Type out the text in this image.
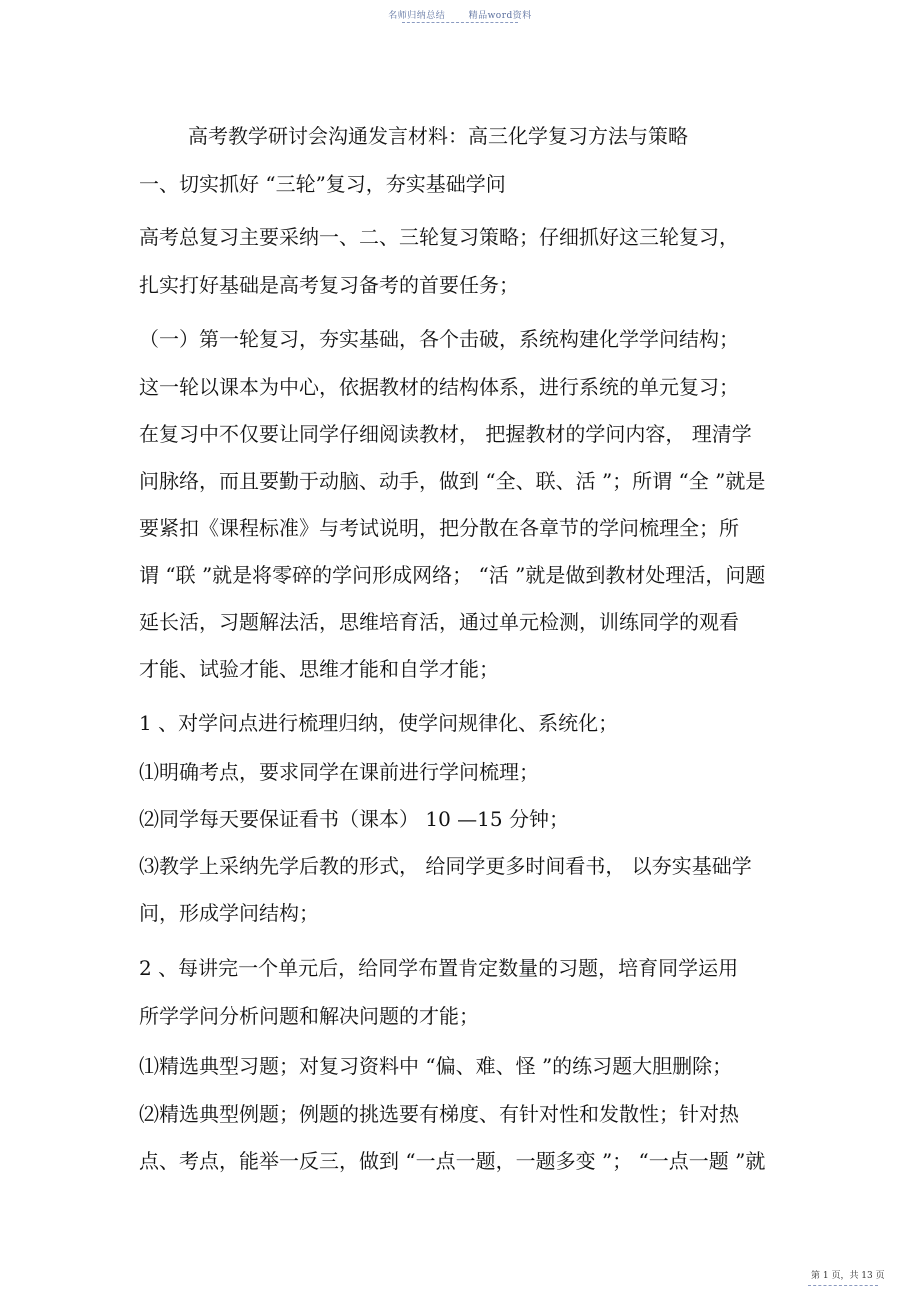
名师归纳总结	精品word资料
高考教学研讨会沟通发言材料：高三化学复习方法与策略
一、切实抓好 “三轮”复习，夯实基础学问
高考总复习主要采纳一、二、三轮复习策略；仔细抓好这三轮复习，
扎实打好基础是高考复习备考的首要任务；
（一）第一轮复习，夯实基础，各个击破，系统构建化学学问结构；
这一轮以课本为中心，依据教材的结构体系，进行系统的单元复习；
在复习中不仅要让同学仔细阅读教材， 把握教材的学问内容， 理清学
问脉络，而且要勤于动脑、动手，做到 “全、联、活 ”；所谓 “全 ”就是
要紧扣《课程标准》与考试说明，把分散在各章节的学问梳理全；所
谓 “联 ”就是将零碎的学问形成网络； “活 ”就是做到教材处理活，问题
延长活，习题解法活，思维培育活，通过单元检测，训练同学的观看
才能、试验才能、思维才能和自学才能；
1 、对学问点进行梳理归纳，使学问规律化、系统化；
⑴明确考点，要求同学在课前进行学问梳理；
⑵同学每天要保证看书（课本） 10 —15 分钟；
⑶教学上采纳先学后教的形式， 给同学更多时间看书， 以夯实基础学
问，形成学问结构；
2 、每讲完一个单元后，给同学布置肯定数量的习题，培育同学运用
所学学问分析问题和解决问题的才能；
⑴精选典型习题；对复习资料中 “偏、难、怪 ”的练习题大胆删除；
⑵精选典型例题；例题的挑选要有梯度、有针对性和发散性；针对热
点、考点，能举一反三，做到 “一点一题，一题多变 ”； “一点一题 ”就
第 1 页，共 13 页
